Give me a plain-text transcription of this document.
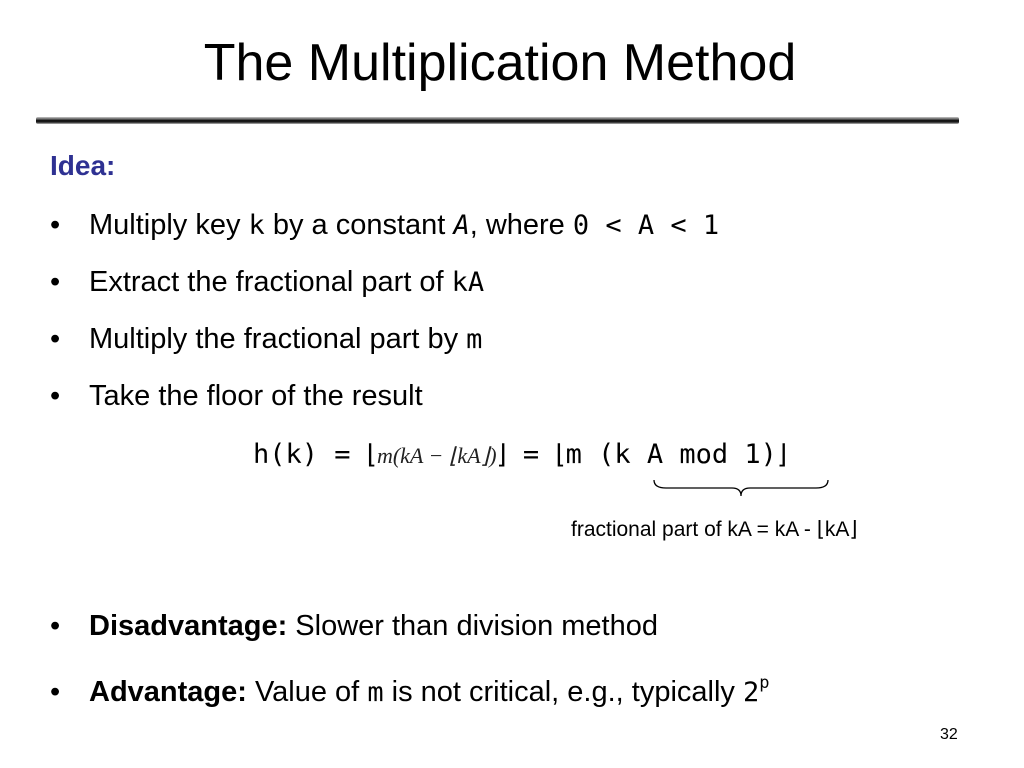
The Multiplication Method
Idea:
• Multiply key k by a constant A, where 0 < A < 1
• Extract the fractional part of kA
• Multiply the fractional part by m
• Take the floor of the result
h(k) = ⌊m(kA − ⌊kA⌋)⌋ = ⌊m (k A mod 1)⌋
fractional part of kA = kA - ⌊kA⌋
• Disadvantage: Slower than division method
• Advantage: Value of m is not critical, e.g., typically 2$^p$
32
